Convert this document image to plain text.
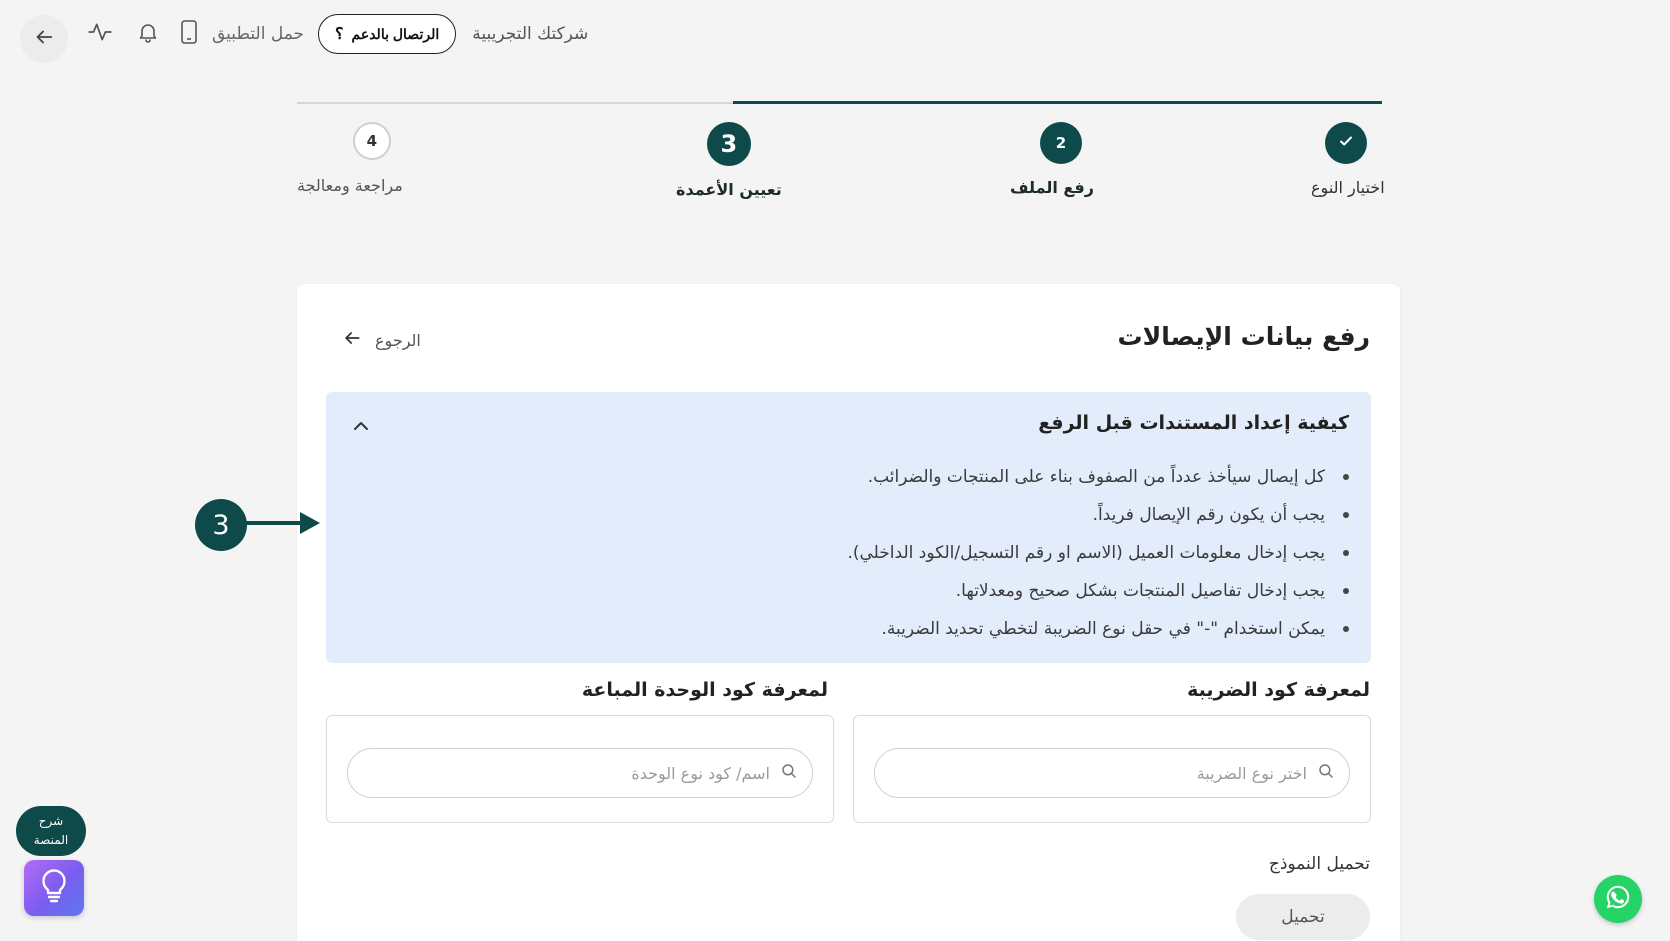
حمل التطبيق ؟ الرتصال بالدعم شركتك التجريبية
اختيار النوع
2
رفع الملف
3
تعيين الأعمدة
4
مراجعة ومعالجة
رفع بيانات الإيصالات
الرجوع
كيفية إعداد المستندات قبل الرفع
كل إيصال سيأخذ عدداً من الصفوف بناء على المنتجات والضرائب.
يجب أن يكون رقم الإيصال فريداً.
يجب إدخال معلومات العميل (الاسم او رقم التسجيل/الكود الداخلي).
يجب إدخال تفاصيل المنتجات بشكل صحيح ومعدلاتها.
يمكن استخدام "-" في حقل نوع الضريبة لتخطي تحديد الضريبة.
لمعرفة كود الضريبة
اختر نوع الضريبة
لمعرفة كود الوحدة المباعة
اسم/ كود نوع الوحدة
تحميل النموذج
تحميل
3
شرح
المنصة
